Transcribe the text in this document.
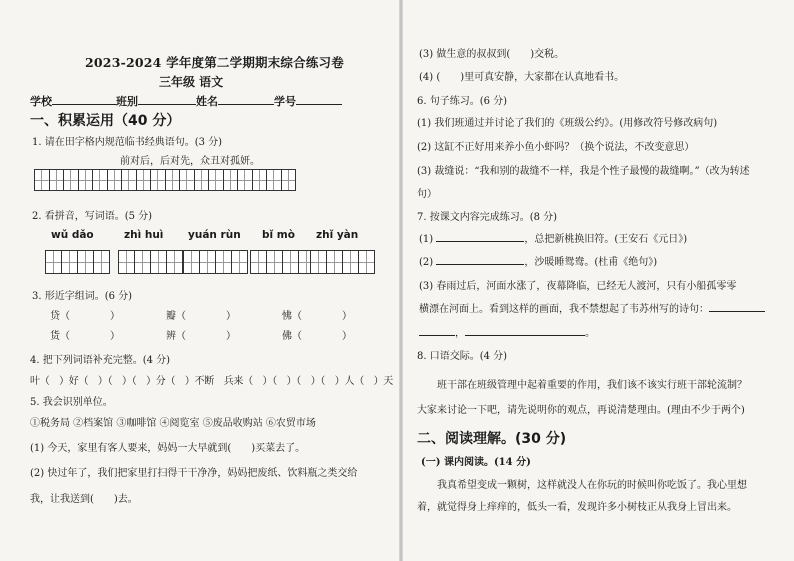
2023-2024 学年度第二学期期末综合练习卷
三年级 语文
学校	班别	姓名	学号
一、积累运用（40 分）
1. 请在田字格内规范临书经典语句。(3 分)
前对后，后对先，众丑对孤妍。
2. 看拼音，写词语。(5 分)
wǔ dǎo	zhì huì yuán rùn bǐ mò zhǐ yàn
3. 形近字组词。(6 分)
贷（　　　　）	瓣（　　　　）	怫（　　　　）
货（　　　　）	辨（　　　　）	佛（　　　　）
4. 把下列词语补充完整。(4 分)
叶（　）好（　）（　）（　）分（　）不断　兵来（　）（　）（　）（　）人（　）天
5. 我会识别单位。
①税务局 ②档案馆 ③咖啡馆 ④阅览室 ⑤废品收购站 ⑥农贸市场
(1) 今天，家里有客人要来，妈妈一大早就到(　　)买菜去了。
(2) 快过年了，我们把家里打扫得干干净净，妈妈把废纸、饮料瓶之类交给
我，让我送到(　　)去。
(3) 做生意的叔叔到(　　)交税。
(4) (　　)里可真安静，大家都在认真地看书。
6. 句子练习。(6 分)
(1) 我们班通过并讨论了我们的《班级公约》。(用修改符号修改病句)
(2) 这缸不正好用来养小鱼小虾吗？（换个说法，不改变意思）
(3) 裁缝说：“我和别的裁缝不一样，我是个性子最慢的裁缝啊。”（改为转述
句）
7. 按课文内容完成练习。(8 分)
(1)	，总把新桃换旧符。(王安石《元日》)
(2)	，沙暖睡鸳鸯。(杜甫《绝句》)
(3) 春雨过后，河面水涨了，夜幕降临，已经无人渡河，只有小船孤零零
横漂在河面上。看到这样的画面，我不禁想起了韦苏州写的诗句：
，	。
8. 口语交际。(4 分)
班干部在班级管理中起着重要的作用，我们该不该实行班干部轮流制？
大家来讨论一下吧，请先说明你的观点，再说清楚理由。(理由不少于两个)
二、阅读理解。(30 分)
(一) 课内阅读。(14 分)
我真希望变成一颗树，这样就没人在你玩的时候叫你吃饭了。我心里想
着，就觉得身上痒痒的，低头一看，发现许多小树枝正从我身上冒出来。
